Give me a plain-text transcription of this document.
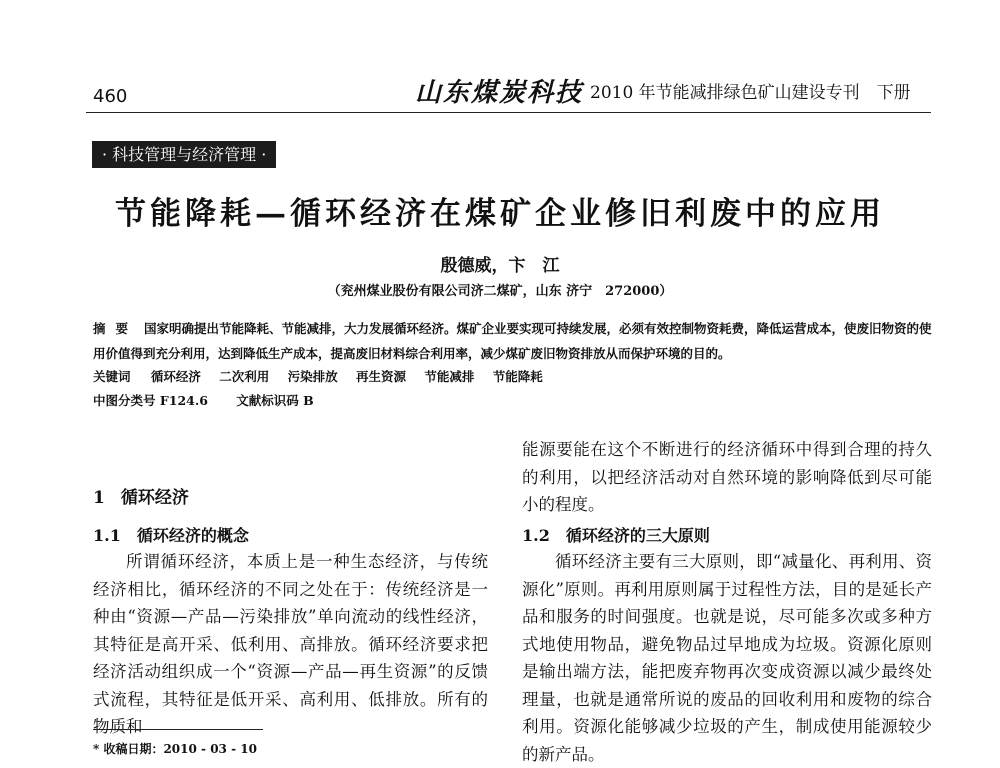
460	山东煤炭科技 2010 年节能减排绿色矿山建设专刊　下册
· 科技管理与经济管理 ·
节能降耗—循环经济在煤矿企业修旧利废中的应用
殷德威，卞　江
（兖州煤业股份有限公司济二煤矿，山东 济宁　272000）
摘要 国家明确提出节能降耗、节能减排，大力发展循环经济。煤矿企业要实现可持续发展，必须有效控制物资耗费，降低运营成本，使废旧物资的使用价值得到充分利用，达到降低生产成本，提高废旧材料综合利用率，减少煤矿废旧物资排放从而保护环境的目的。
关键词 循环经济 二次利用 污染排放 再生资源 节能减排 节能降耗
中图分类号 F124.6 文献标识码 B
1 循环经济
1.1 循环经济的概念
所谓循环经济，本质上是一种生态经济，与传统经济相比，循环经济的不同之处在于：传统经济是一种由“资源—产品—污染排放”单向流动的线性经济，其特征是高开采、低利用、高排放。循环经济要求把经济活动组织成一个“资源—产品—再生资源”的反馈式流程，其特征是低开采、高利用、低排放。所有的物质和
能源要能在这个不断进行的经济循环中得到合理的持久的利用，以把经济活动对自然环境的影响降低到尽可能小的程度。
1.2 循环经济的三大原则
循环经济主要有三大原则，即“减量化、再利用、资源化”原则。再利用原则属于过程性方法，目的是延长产品和服务的时间强度。也就是说，尽可能多次或多种方式地使用物品，避免物品过早地成为垃圾。资源化原则是输出端方法，能把废弃物再次变成资源以减少最终处理量，也就是通常所说的废品的回收利用和废物的综合利用。资源化能够减少垃圾的产生，制成使用能源较少的新产品。
* 收稿日期：2010 - 03 - 10
